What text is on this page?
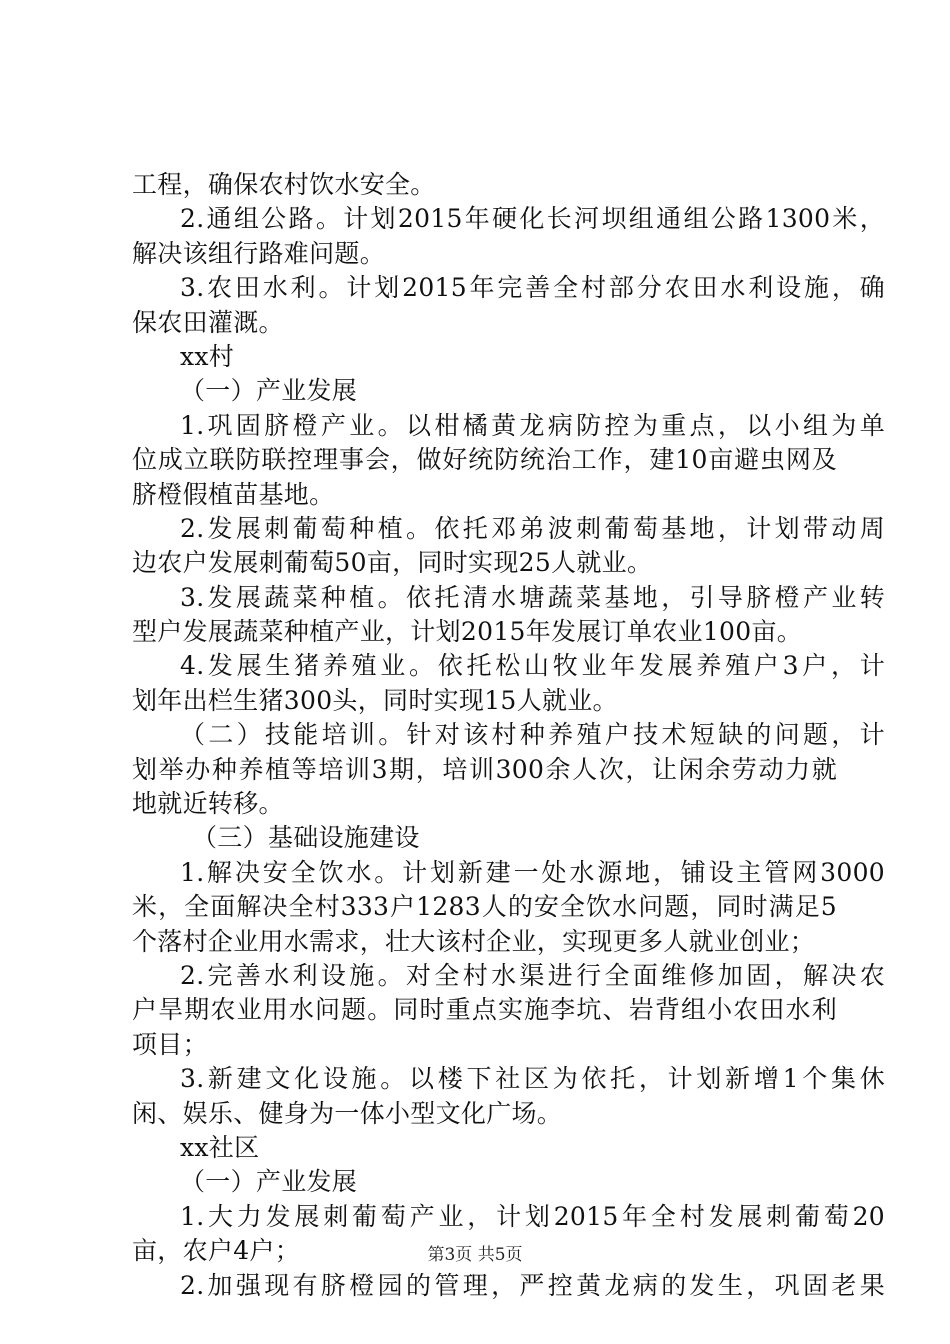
工程，确保农村饮水安全。
2.通组公路。计划2015年硬化长河坝组通组公路1300米，
解决该组行路难问题。
3.农田水利。计划2015年完善全村部分农田水利设施，确
保农田灌溉。
xx村
（一）产业发展
1.巩固脐橙产业。以柑橘黄龙病防控为重点，以小组为单
位成立联防联控理事会，做好统防统治工作，建10亩避虫网及
脐橙假植苗基地。
2.发展刺葡萄种植。依托邓弟波刺葡萄基地，计划带动周
边农户发展刺葡萄50亩，同时实现25人就业。
3.发展蔬菜种植。依托清水塘蔬菜基地，引导脐橙产业转
型户发展蔬菜种植产业，计划2015年发展订单农业100亩。
4.发展生猪养殖业。依托松山牧业年发展养殖户3户，计
划年出栏生猪300头，同时实现15人就业。
（二）技能培训。针对该村种养殖户技术短缺的问题，计
划举办种养植等培训3期，培训300余人次，让闲余劳动力就
地就近转移。
（三）基础设施建设
1.解决安全饮水。计划新建一处水源地，铺设主管网3000
米，全面解决全村333户1283人的安全饮水问题，同时满足5
个落村企业用水需求，壮大该村企业，实现更多人就业创业；
2.完善水利设施。对全村水渠进行全面维修加固，解决农
户旱期农业用水问题。同时重点实施李坑、岩背组小农田水利
项目；
3.新建文化设施。以楼下社区为依托，计划新增1个集休
闲、娱乐、健身为一体小型文化广场。
xx社区
（一）产业发展
1.大力发展刺葡萄产业，计划2015年全村发展刺葡萄20
亩，农户4户；
2.加强现有脐橙园的管理，严控黄龙病的发生，巩固老果
第3页 共5页
